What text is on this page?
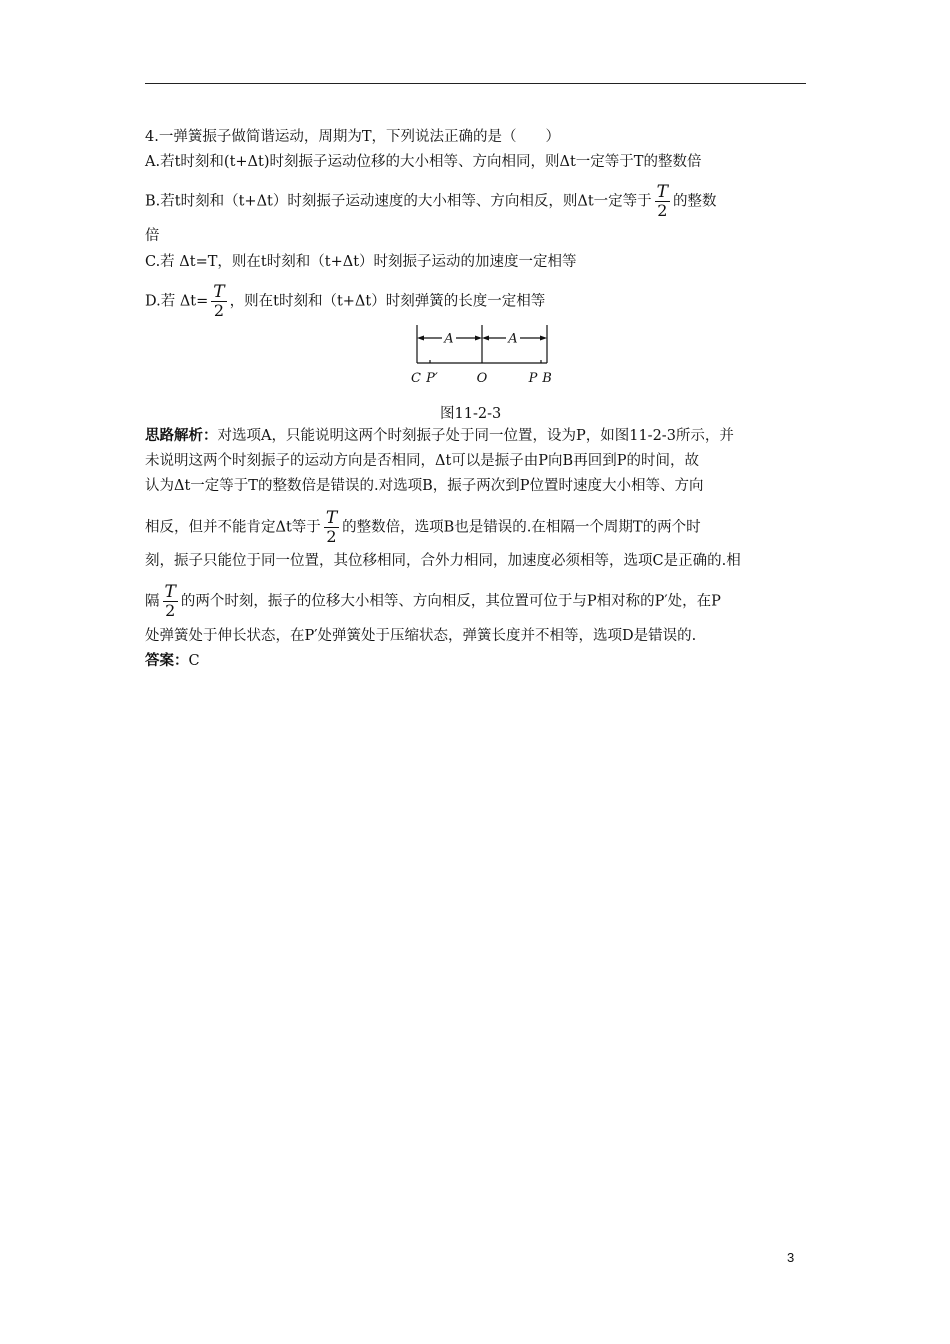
4.一弹簧振子做简谐运动，周期为T，下列说法正确的是（　　）
A.若t时刻和(t+Δt)时刻振子运动位移的大小相等、方向相同，则Δt一定等于T的整数倍
B.若t时刻和（t+Δt）时刻振子运动速度的大小相等、方向相反，则Δt一定等于 $\frac{T}{2}$ 的整数
倍
C.若 Δt=T，则在t时刻和（t+Δt）时刻振子运动的加速度一定相等
D.若 $\Delta t= \frac{T}{2}$ ，则在t时刻和（t+Δt）时刻弹簧的长度一定相等
A	A
C P′	O	P B
图11-2-3
思路解析：对选项A，只能说明这两个时刻振子处于同一位置，设为P，如图11-2-3所示，并
未说明这两个时刻振子的运动方向是否相同，Δt可以是振子由P向B再回到P的时间，故
认为Δt一定等于T的整数倍是错误的.对选项B，振子两次到P位置时速度大小相等、方向
相反，但并不能肯定Δt等于 $\frac{T}{2}$ 的整数倍，选项B也是错误的.在相隔一个周期T的两个时
刻，振子只能位于同一位置，其位移相同，合外力相同，加速度必须相等，选项C是正确的.相
隔 $\frac{T}{2}$ 的两个时刻，振子的位移大小相等、方向相反，其位置可位于与P相对称的P′处，在P
处弹簧处于伸长状态，在P′处弹簧处于压缩状态，弹簧长度并不相等，选项D是错误的.
答案：C
3
